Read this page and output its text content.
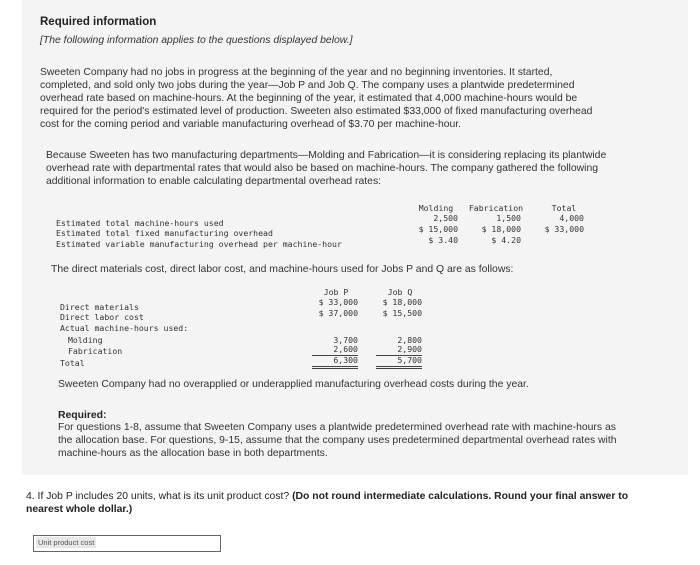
Required information
[The following information applies to the questions displayed below.]
Sweeten Company had no jobs in progress at the beginning of the year and no beginning inventories. It started,
completed, and sold only two jobs during the year—Job P and Job Q. The company uses a plantwide predetermined
overhead rate based on machine-hours. At the beginning of the year, it estimated that 4,000 machine-hours would be
required for the period's estimated level of production. Sweeten also estimated $33,000 of fixed manufacturing overhead
cost for the coming period and variable manufacturing overhead of $3.70 per machine-hour.
Because Sweeten has two manufacturing departments—Molding and Fabrication—it is considering replacing its plantwide
overhead rate with departmental rates that would also be based on machine-hours. The company gathered the following
additional information to enable calculating departmental overhead rates:
Molding	Fabrication	Total
Estimated total machine-hours used	2,500	1,500	4,000
Estimated total fixed manufacturing overhead	$ 15,000	$ 18,000	$ 33,000
Estimated variable manufacturing overhead per machine-hour	$ 3.40	$ 4.20
The direct materials cost, direct labor cost, and machine-hours used for Jobs P and Q are as follows:
Job P	Job Q
Direct materials	$ 33,000	$ 18,000
Direct labor cost	$ 37,000	$ 15,500
Actual machine-hours used:
Molding	3,700	2,800
Fabrication	2,600	2,900
Total	6,300	5,700
Sweeten Company had no overapplied or underapplied manufacturing overhead costs during the year.
Required:
For questions 1-8, assume that Sweeten Company uses a plantwide predetermined overhead rate with machine-hours as
the allocation base. For questions, 9-15, assume that the company uses predetermined departmental overhead rates with
machine-hours as the allocation base in both departments.
4. If Job P includes 20 units, what is its unit product cost? (Do not round intermediate calculations. Round your final answer to
nearest whole dollar.)
Unit product cost
